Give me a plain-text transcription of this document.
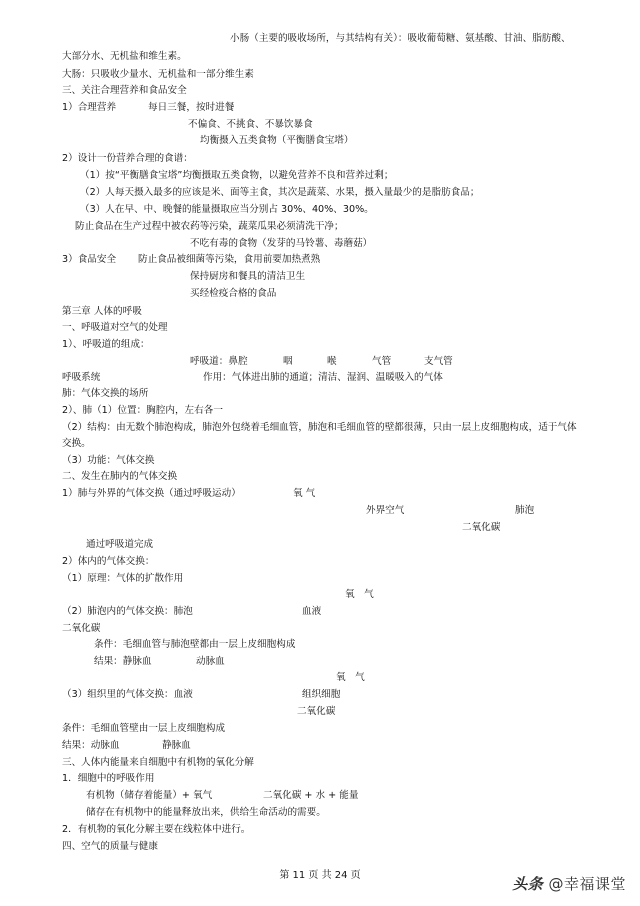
小肠（主要的吸收场所，与其结构有关）：吸收葡萄糖、氨基酸、甘油、脂肪酸、
大部分水、无机盐和维生素。
大肠：只吸收少量水、无机盐和一部分维生素
三、关注合理营养和食品安全
1）合理营养	每日三餐，按时进餐
不偏食、不挑食、不暴饮暴食
均衡摄入五类食物（平衡膳食宝塔）
2）设计一份营养合理的食谱：
（1）按“平衡膳食宝塔”均衡摄取五类食物，以避免营养不良和营养过剩；
（2）人每天摄入最多的应该是米、面等主食，其次是蔬菜、水果，摄入量最少的是脂肪食品；
（3）人在早、中、晚餐的能量摄取应当分别占 30%、40%、30%。
防止食品在生产过程中被农药等污染，蔬菜瓜果必须清洗干净；
不吃有毒的食物（发芽的马铃薯、毒蘑菇）
3）食品安全 防止食品被细菌等污染，食用前要加热煮熟
保持厨房和餐具的清洁卫生
买经检疫合格的食品
第三章 人体的呼吸
一、呼吸道对空气的处理
1）、呼吸道的组成：
呼吸道：鼻腔	咽	喉	气管	支气管
呼吸系统	作用：气体进出肺的通道；清洁、湿润、温暖吸入的气体
肺：气体交换的场所
2）、肺（1）位置：胸腔内，左右各一
（2）结构：由无数个肺泡构成，肺泡外包绕着毛细血管，肺泡和毛细血管的壁都很薄，只由一层上皮细胞构成，适于气体
交换。
（3）功能：气体交换
二、发生在肺内的气体交换
1）肺与外界的气体交换（通过呼吸运动）	氧 气
外界空气	肺泡
二氧化碳
通过呼吸道完成
2）体内的气体交换：
（1）原理：气体的扩散作用
氧　气
（2）肺泡内的气体交换：肺泡	血液
二氧化碳
条件：毛细血管与肺泡壁都由一层上皮细胞构成
结果：静脉血	动脉血
氧　气
（3）组织里的气体交换：血液	组织细胞
二氧化碳
条件：毛细血管壁由一层上皮细胞构成
结果：动脉血	静脉血
三、人体内能量来自细胞中有机物的氧化分解
1．细胞中的呼吸作用
有机物（储存着能量）+ 氧气	二氧化碳 + 水 + 能量
储存在有机物中的能量释放出来，供给生命活动的需要。
2．有机物的氧化分解主要在线粒体中进行。
四、空气的质量与健康
第 11 页 共 24 页	头条 @幸福课堂
